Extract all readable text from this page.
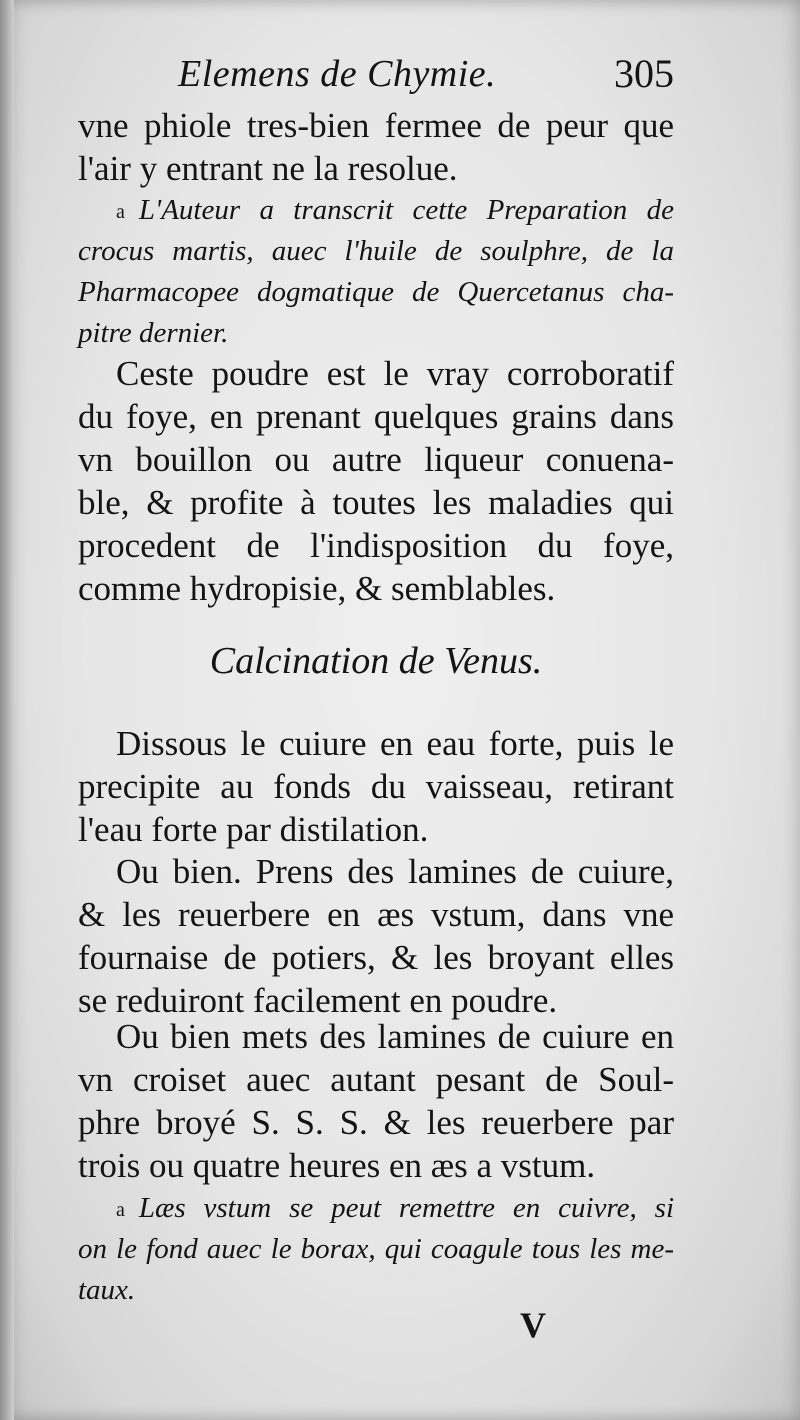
Elemens de Chymie.	305
vne phiole tres-bien fermee de peur que
l'air y entrant ne la resolue.
a L'Auteur a transcrit cette Preparation de
crocus martis, auec l'huile de soulphre, de la
Pharmacopee dogmatique de Quercetanus cha-
pitre dernier.
Ceste poudre est le vray corroboratif
du foye, en prenant quelques grains dans
vn bouillon ou autre liqueur conuena-
ble, & profite à toutes les maladies qui
procedent de l'indisposition du foye,
comme hydropisie, & semblables.
Calcination de Venus.
Dissous le cuiure en eau forte, puis le
precipite au fonds du vaisseau, retirant
l'eau forte par distilation.
Ou bien. Prens des lamines de cuiure,
& les reuerbere en æs vstum, dans vne
fournaise de potiers, & les broyant elles
se reduiront facilement en poudre.
Ou bien mets des lamines de cuiure en
vn croiset auec autant pesant de Soul-
phre broyé S. S. S. & les reuerbere par
trois ou quatre heures en æs a vstum.
a Læs vstum se peut remettre en cuivre, si
on le fond auec le borax, qui coagule tous les me-
taux.
V
